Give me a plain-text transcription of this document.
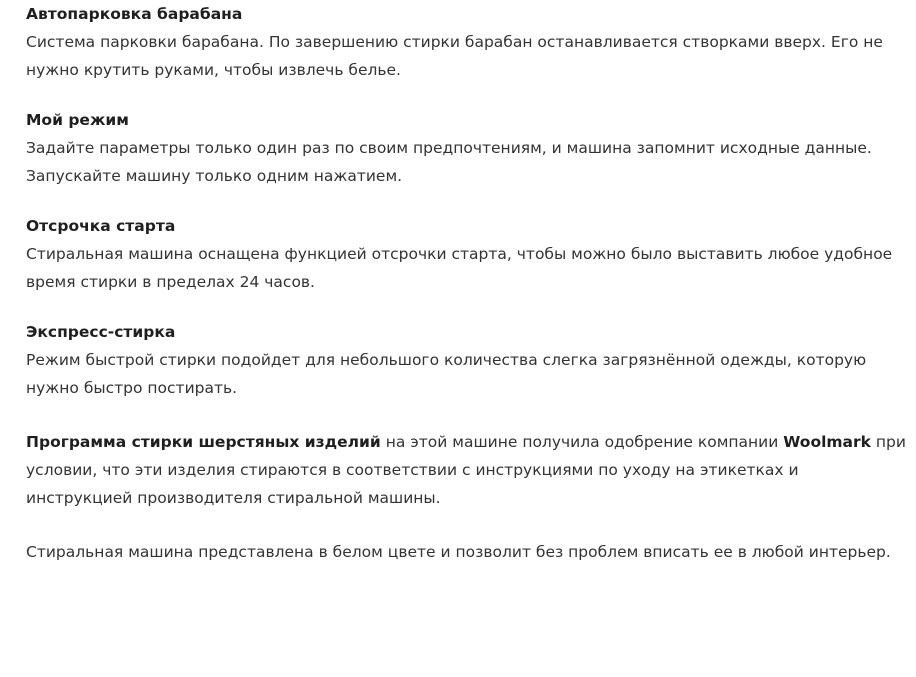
Автопарковка барабана

Система парковки барабана. По завершению стирки барабан останавливается створками вверх. Его не нужно крутить руками, чтобы извлечь белье.

Мой режим

Задайте параметры только один раз по своим предпочтениям, и машина запомнит исходные данные. Запускайте машину только одним нажатием.

Отсрочка старта

Стиральная машина оснащена функцией отсрочки старта, чтобы можно было выставить любое удобное время стирки в пределах 24 часов.

Экспресс-стирка

Режим быстрой стирки подойдет для небольшого количества слегка загрязнённой одежды, которую нужно быстро постирать.

Программа стирки шерстяных изделий на этой машине получила одобрение компании Woolmark при условии, что эти изделия стираются в соответствии с инструкциями по уходу на этикетках и инструкцией производителя стиральной машины.

Стиральная машина представлена в белом цвете и позволит без проблем вписать ее в любой интерьер.
